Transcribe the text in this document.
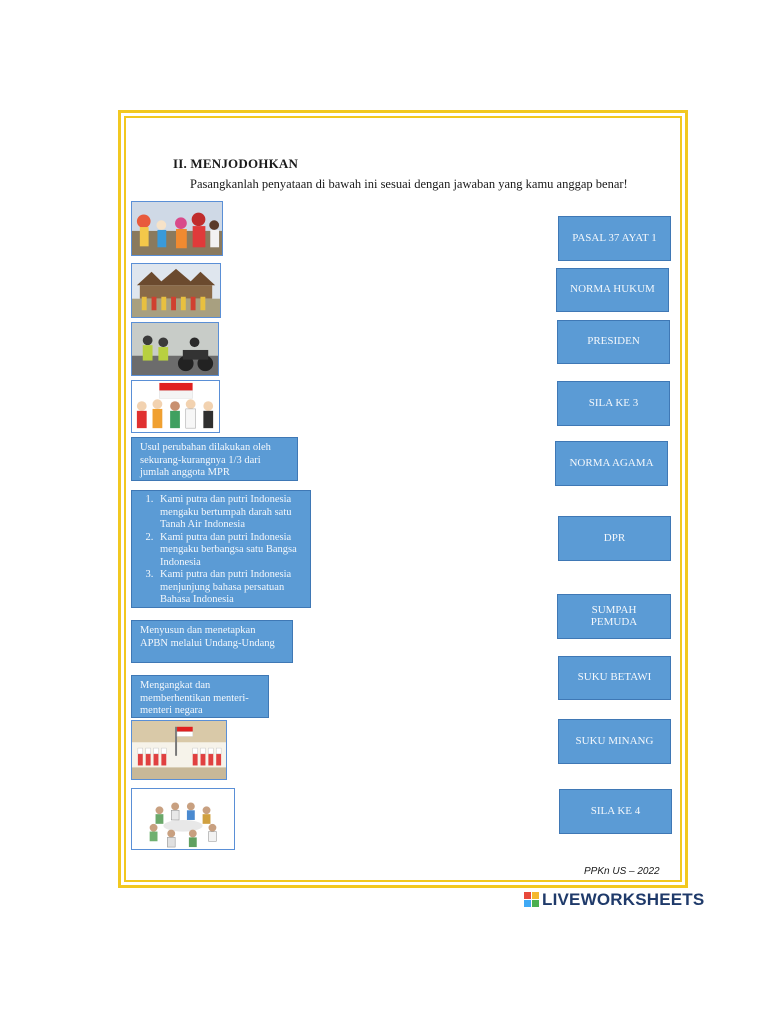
II. MENJODOHKAN
Pasangkanlah penyataan di bawah ini sesuai dengan jawaban yang kamu anggap benar!
Usul perubahan dilakukan oleh sekurang-kurangnya 1/3 dari jumlah anggota MPR
1. Kami putra dan putri Indonesia mengaku bertumpah darah satu Tanah Air Indonesia
2. Kami putra dan putri Indonesia mengaku berbangsa satu Bangsa Indonesia
3. Kami putra dan putri Indonesia menjunjung bahasa persatuan Bahasa Indonesia
Menyusun dan menetapkan APBN melalui Undang-Undang
Mengangkat dan memberhentikan menteri-menteri negara
PASAL 37 AYAT 1
NORMA HUKUM
PRESIDEN
SILA KE 3
NORMA AGAMA
DPR
SUMPAH PEMUDA
SUKU BETAWI
SUKU MINANG
SILA KE 4
PPKn US – 2022
LIVEWORKSHEETS
